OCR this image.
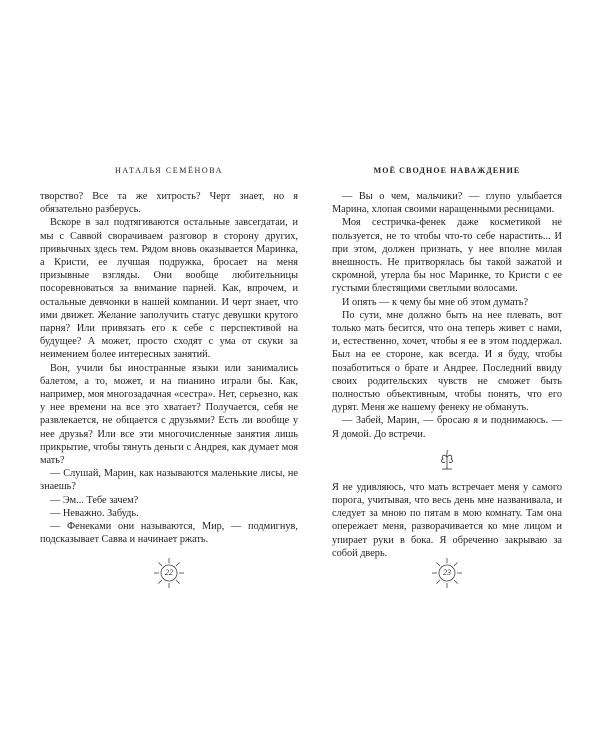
НАТАЛЬЯ СЕМЁНОВА

творство? Все та же хитрость? Черт знает, но я обязательно разберусь.

Вскоре в зал подтягиваются остальные завсегдатаи, и мы с Саввой сворачиваем разговор в сторону других, привычных здесь тем. Рядом вновь оказывается Маринка, а Кристи, ее лучшая подружка, бросает на меня призывные взгляды. Они вообще любительницы посоревноваться за внимание парней. Как, впрочем, и остальные девчонки в нашей компании. И черт знает, что ими движет. Желание заполучить статус девушки крутого парня? Или привязать его к себе с перспективой на будущее? А может, просто сходят с ума от скуки за неимением более интересных занятий.

Вон, учили бы иностранные языки или занимались балетом, а то, может, и на пианино играли бы. Как, например, моя многозадачная «сестра». Нет, серьезно, как у нее времени на все это хватает? Получается, себя не развлекается, не общается с друзьями? Есть ли вообще у нее друзья? Или все эти многочисленные занятия лишь прикрытие, чтобы тянуть деньги с Андрея, как думает моя мать?

— Слушай, Марин, как называются маленькие лисы, не знаешь?

— Эм... Тебе зачем?

— Неважно. Забудь.

— Фенеками они называются, Мир, — подмигнув, подсказывает Савва и начинает ржать.

22
МОЁ СВОДНОЕ НАВАЖДЕНИЕ

— Вы о чем, мальчики? — глупо улыбается Марина, хлопая своими наращенными ресницами.

Моя сестричка-фенек даже косметикой не пользуется, не то чтобы что-то себе нарастить... И при этом, должен признать, у нее вполне милая внешность. Не притворялась бы такой зажатой и скромной, утерла бы нос Маринке, то Кристи с ее густыми блестящими светлыми волосами.

И опять — к чему бы мне об этом думать?

По сути, мне должно быть на нее плевать, вот только мать бесится, что она теперь живет с нами, и, естественно, хочет, чтобы я ее в этом поддержал. Был на ее стороне, как всегда. И я буду, чтобы позаботиться о брате и Андрее. Последний ввиду своих родительских чувств не сможет быть полностью объективным, чтобы понять, что его дурят. Меня же нашему фенеку не обмануть.

— Забей, Марин, — бросаю я и поднимаюсь. — Я домой. До встречи.

Я не удивляюсь, что мать встречает меня у самого порога, учитывая, что весь день мне названивала, и следует за мною по пятам в мою комнату. Там она опережает меня, разворачивается ко мне лицом и упирает руки в бока. Я обреченно закрываю за собой дверь.

23
